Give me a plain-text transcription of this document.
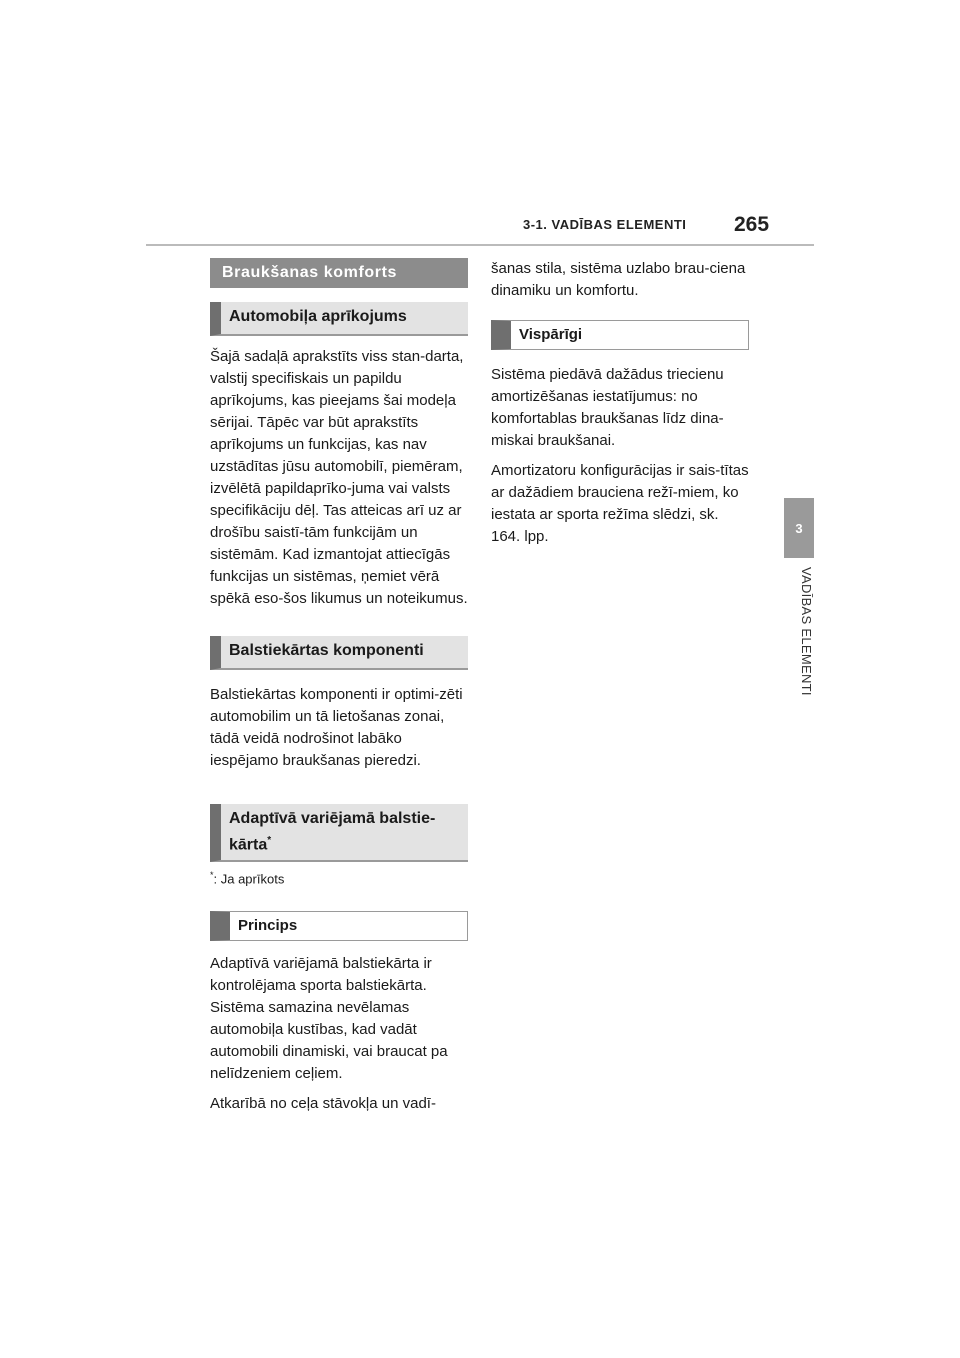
3-1. VADĪBAS ELEMENTI 265
3
VADĪBAS ELEMENTI
Braukšanas komforts
Automobiļa aprīkojums

Šajā sadaļā aprakstīts viss stan-darta, valstij specifiskais un papildu aprīkojums, kas pieejams šai modeļa sērijai. Tāpēc var būt aprakstīts aprīkojums un funkcijas, kas nav uzstādītas jūsu automobilī, piemēram, izvēlētā papildaprīko-juma vai valsts specifikāciju dēļ. Tas atteicas arī uz ar drošību saistī-tām funkcijām un sistēmām. Kad izmantojat attiecīgās funkcijas un sistēmas, ņemiet vērā spēkā eso-šos likumus un noteikumus.

Balstiekārtas komponenti

Balstiekārtas komponenti ir optimi-zēti automobilim un tā lietošanas zonai, tādā veidā nodrošinot labāko iespējamo braukšanas pieredzi.

Adaptīvā variējamā balstie-kārta*

*: Ja aprīkots

Princips

Adaptīvā variējamā balstiekārta ir kontrolējama sporta balstiekārta. Sistēma samazina nevēlamas automobiļa kustības, kad vadāt automobili dinamiski, vai braucat pa nelīdzeniem ceļiem.

Atkarībā no ceļa stāvokļa un vadī-

šanas stila, sistēma uzlabo brau-ciena dinamiku un komfortu.

Vispārīgi

Sistēma piedāvā dažādus triecienu amortizēšanas iestatījumus: no komfortablas braukšanas līdz dina-miskai braukšanai.

Amortizatoru konfigurācijas ir sais-tītas ar dažādiem brauciena režī-miem, ko iestata ar sporta režīma slēdzi, sk. 164. lpp.
